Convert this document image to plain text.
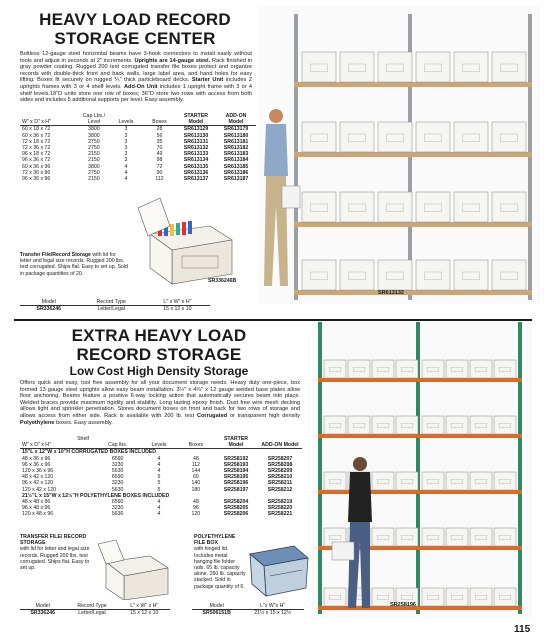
HEAVY LOAD RECORD
STORAGE CENTER
Boltless 12-gauge steel horizontal beams have 3-hook connectors to install easily without tools and adjust in seconds at 2" increments. Uprights are 14-gauge steel. Rack finished in gray powder coating. Rugged 200 test corrugated transfer file boxes protect and organize records with double-thick front and back walls, large label area, and hand holes for easy lifting. Boxes fit securely on rugged ⅕" thick particleboard decks. Starter Unit includes 2 uprights frames with 3 or 4 shelf levels. Add-On Unit includes 1 upright frame with 3 or 4 shelf levels.18"D units store one row of boxes; 36"D store two rows with access from both sides and includes 5 additional supports per level. Easy assembly.
W" x D" x H"	Cap Lbs./ Level	Levels	Boxes	STARTER Model	ADD-ON Model

60 x 18 x 72	3800	3	28	SR613129	SR613179
60 x 36 x 72	3800	3	56	SR613130	SR613180
72 x 18 x 72	2750	3	35	SR613131	SR613181
72 x 36 x 72	2750	3	70	SR613132	SR613182
96 x 18 x 72	2150	3	49	SR613133	SR613183
96 x 36 x 72	2150	3	98	SR613134	SR613184
60 x 36 x 96	3800	4	72	SR613135	SR613185
72 x 36 x 96	2750	4	90	SR613136	SR613186
96 x 36 x 96	2150	4	112	SR613137	SR613187
SR336246B
Transfer File/Record Storage with lid for letter and legal size records. Rugged 200 lbs. test corrugated. Ships flat. Easy to set up. Sold in package quantities of 20.
Model	Record Type	L" x W" x H"

SR336246	Letter/Legal	15 x 12 x 10
SR613132
EXTRA HEAVY LOAD
RECORD STORAGE
Low Cost High Density Storage
Offers quick and easy, tool free assembly for all your document storage needs. Heavy duty one-piece, box formed 13 gauge steel uprights allow easy beam installation. 3¼" x 4¾" x 12 gauge welded base plates allow floor anchoring. Beams feature a positive 6-way locking action that automatically secures beam into place. Welded braces provide maximum rigidity and stability. Long lasting epoxy finish. Dust free wire mesh decking allows light and sprinkler penetration. Stores document boxes on front and back for two rows of storage and allows access from either side. Rack is available with 200 lb. test Corrugated or transparent high density Polyethylene boxes. Easy assembly.
Shelf
W" x D" x H"	Cap lbs.	Levels	Boxes	STARTER Model	ADD-ON Model

15"L x 12"W x 10"H CORRUGATED BOXES INCLUDED					
48 x 36 x 96	6590	4	48	SR258192	SR258207
96 x 36 x 96	3230	4	112	SR258193	SR258208
120 x 36 x 96	5630	4	144	SR258194	SR258209
48 x 42 x 120	6590	5	60	SR258195	SR258210
96 x 42 x 120	3230	5	140	SR258196	SR258211
120 x 42 x 120	5630	5	180	SR258197	SR258212
21½"L x 15"W x 12½"H POLYETHYLENE BOXES INCLUDED					
48 x 48 x 96	6590	4	48	SR258204	SR258219
96 x 48 x 96	3230	4	96	SR258205	SR258220
120 x 48 x 96	5630	4	120	SR258206	SR258221
TRANSFER FILE/ RECORD STORAGE
with lid for letter and legal size records. Rugged 200 lbs. test corrugated. Ships flat. Easy to set up.
POLYETHYLENE FILE BOX
with hinged lid. Includes metal hanging file folder rails. 65 lb. capacity alone. 260 lb. capacity stacked. Sold in package quantity of 6.
Model	Record Type	L" x W" x H"

SR336246	Letter/Legal	15 x 12 x 10
Model	L"x W"x H"

SR506151B	21½ x 15 x 12½
SR258196
115
